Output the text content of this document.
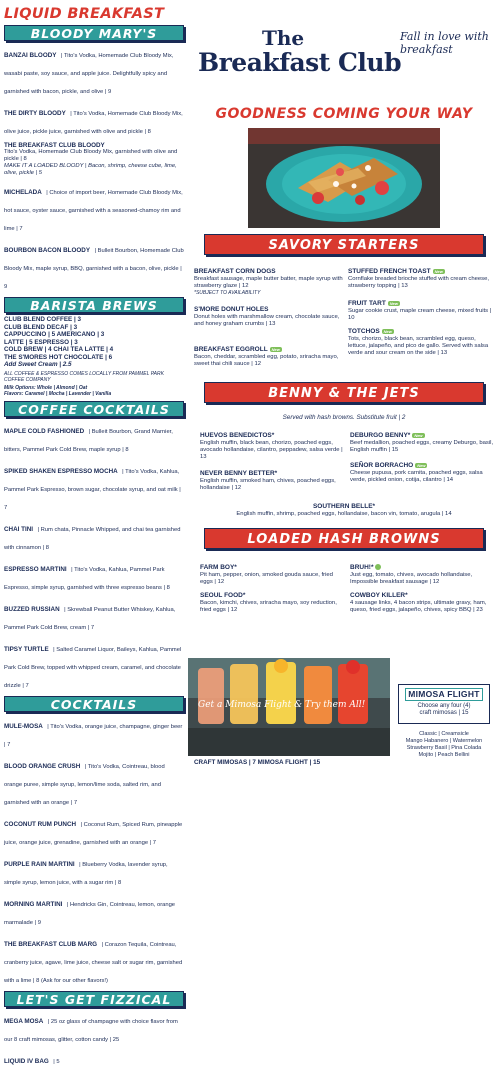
LIQUID BREAKFAST
BLOODY MARY'S
BANZAI BLOODY | Tito's Vodka, Homemade Club Bloody Mix, wasabi paste, soy sauce, and apple juice. Delightfully spicy and garnished with bacon, pickle, and olive | 9
THE DIRTY BLOODY | Tito's Vodka, Homemade Club Bloody Mix, olive juice, pickle juice, garnished with olive and pickle | 8
THE BREAKFAST CLUB BLOODY
Tito's Vodka, Homemade Club Bloody Mix, garnished with olive and pickle | 8
MAKE IT A LOADED BLOODY | Bacon, shrimp, cheese cube, lime, olive, pickle | 5
MICHELADA | Choice of import beer, Homemade Club Bloody Mix, hot sauce, oyster sauce, garnished with a seasoned-chamoy rim and lime | 7
BOURBON BACON BLOODY | Bulleit Bourbon, Homemade Club Bloody Mix, maple syrup, BBQ, garnished with a bacon, olive, pickle | 9
BARISTA BREWS
CLUB BLEND COFFEE | 3
CLUB BLEND DECAF | 3
CAPPUCCINO | 5 AMERICANO | 3
LATTE | 5 ESPRESSO | 3
COLD BREW | 4 CHAI TEA LATTE | 4
THE S'MORES HOT CHOCOLATE | 6
Add Sweet Cream | 2.5
ALL COFFEE & ESPRESSO COMES LOCALLY FROM PAMMEL PARK COFFEE COMPANY
Milk Options: Whole | Almond | Oat
Flavors: Caramel | Mocha | Lavender | Vanilla
COFFEE COCKTAILS
MAPLE COLD FASHIONED | Bulleit Bourbon, Grand Marnier, bitters, Pammel Park Cold Brew, maple syrup | 8
SPIKED SHAKEN ESPRESSO MOCHA | Tito's Vodka, Kahlua, Pammel Park Espresso, brown sugar, chocolate syrup, and oat milk | 7
CHAI TINI | Rum chata, Pinnacle Whipped, and chai tea garnished with cinnamon | 8
ESPRESSO MARTINI | Tito's Vodka, Kahlua, Pammel Park Espresso, simple syrup, garnished with three espresso beans | 8
BUZZED RUSSIAN | Skrewball Peanut Butter Whiskey, Kahlua, Pammel Park Cold Brew, cream | 7
TIPSY TURTLE | Salted Caramel Liquor, Baileys, Kahlua, Pammel Park Cold Brew, topped with whipped cream, caramel, and chocolate drizzle | 7
COCKTAILS
MULE-MOSA | Tito's Vodka, orange juice, champagne, ginger beer | 7
BLOOD ORANGE CRUSH | Tito's Vodka, Cointreau, blood orange puree, simple syrup, lemon/lime soda, salted rim, and garnished with an orange | 7
COCONUT RUM PUNCH | Coconut Rum, Spiced Rum, pineapple juice, orange juice, grenadine, garnished with an orange | 7
PURPLE RAIN MARTINI | Blueberry Vodka, lavender syrup, simple syrup, lemon juice, with a sugar rim | 8
MORNING MARTINI | Hendricks Gin, Cointreau, lemon, orange marmalade | 9
THE BREAKFAST CLUB MARG | Corazon Tequila, Cointreau, cranberry juice, agave, lime juice, cheese salt or sugar rim, garnished with a lime | 8 (Ask for our other flavors!)
LET'S GET FIZZICAL
MEGA MOSA | 25 oz glass of champagne with choice flavor from our 8 craft mimosas, glitter, cotton candy | 25
LIQUID IV BAG | 5
The
Breakfast Club
Fall in love with breakfast
GOODNESS COMING YOUR WAY
SAVORY STARTERS
BREAKFAST CORN DOGS
Breakfast sausage, maple butter batter, maple syrup with strawberry glaze | 12
*SUBJECT TO AVAILABILITY
S'MORE DONUT HOLES
Donut holes with marshmallow cream, chocolate sauce, and honey graham crumbs | 13
BREAKFAST EGGROLL New
Bacon, cheddar, scrambled egg, potato, sriracha mayo, sweet thai chili sauce | 12
STUFFED FRENCH TOAST New
Cornflake breaded brioche stuffed with cream cheese, strawberry topping | 13
FRUIT TART New
Sugar cookie crust, maple cream cheese, mixed fruits | 10
TOTCHOS New
Tots, chorizo, black bean, scrambled egg, queso, lettuce, jalapeño, and pico de gallo. Served with salsa verde and sour cream on the side | 13
BENNY & THE JETS
Served with hash browns. Substitute fruit | 2
HUEVOS BENEDICTOS*
English muffin, black bean, chorizo, poached eggs, avocado hollandaise, cilantro, peppadew, salsa verde | 13
NEVER BENNY BETTER*
English muffin, smoked ham, chives, poached eggs, hollandaise | 12
DEBURGO BENNY* New
Beef medallion, poached eggs, creamy Deburgo, basil, English muffin | 15
SEÑOR BORRACHO New
Cheese pupusa, pork carnita, poached eggs, salsa verde, pickled onion, cotija, cilantro | 14
SOUTHERN BELLE*
English muffin, shrimp, poached eggs, hollandaise, bacon vin, tomato, arugula | 14
LOADED HASH BROWNS
FARM BOY*
Pit ham, pepper, onion, smoked gouda sauce, fried eggs | 12
SEOUL FOOD*
Bacon, kimchi, chives, sriracha mayo, soy reduction, fried eggs | 12
BRUH!*
Just egg, tomato, chives, avocado hollandaise, Impossible breakfast sausage | 12
COWBOY KILLER*
4 sausage links, 4 bacon strips, ultimate gravy, ham, queso, fried eggs, jalapeño, chives, spicy BBQ | 23
Get a Mimosa Flight & Try them All!
MIMOSA FLIGHT
Choose any four (4)
craft mimosas | 15
Classic | Creamsicle
Mango Habanero | Watermelon
Strawberry Basil | Pina Colada
Mojito | Peach Bellini
CRAFT MIMOSAS | 7 MIMOSA FLIGHT | 15
